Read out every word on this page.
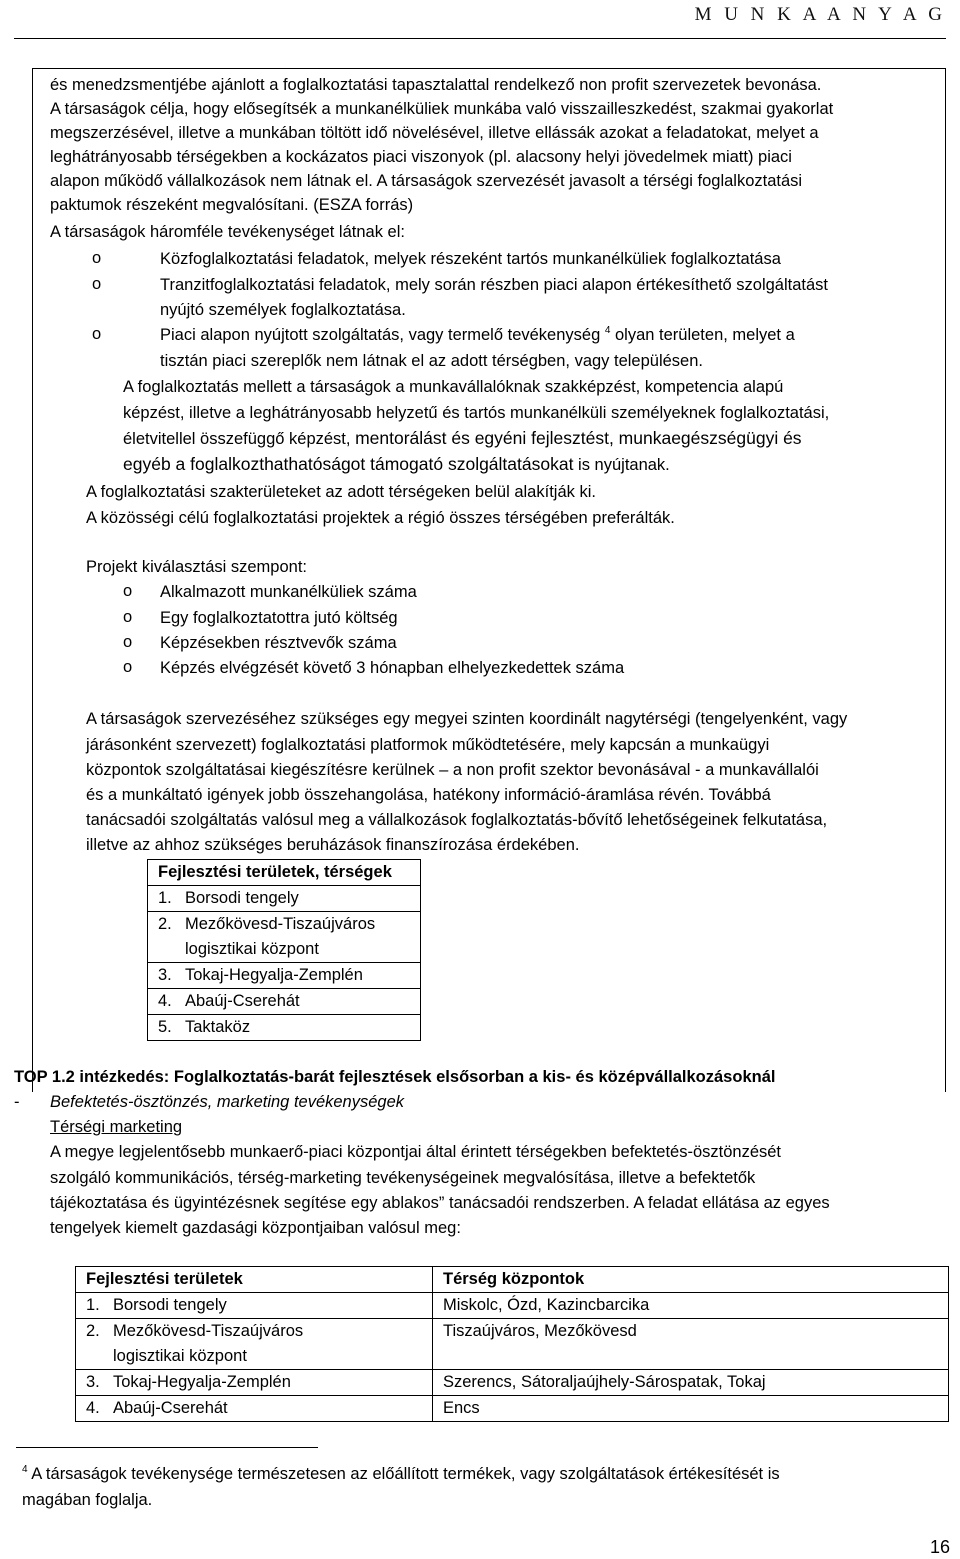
M U N K A A N Y A G
és menedzsmentjébe ajánlott a foglalkoztatási tapasztalattal rendelkező non profit szervezetek bevonása.
A társaságok célja, hogy elősegítsék a munkanélküliek munkába való visszailleszkedést, szakmai gyakorlat
megszerzésével, illetve a munkában töltött idő növelésével, illetve ellássák azokat a feladatokat, melyet a
leghátrányosabb térségekben a kockázatos piaci viszonyok (pl. alacsony helyi jövedelmek miatt) piaci
alapon működő vállalkozások nem látnak el. A társaságok szervezését javasolt a térségi foglalkoztatási
paktumok részeként megvalósítani. (ESZA forrás)
A társaságok háromféle tevékenységet látnak el:
o	Közfoglalkoztatási feladatok, melyek részeként tartós munkanélküliek foglalkoztatása
o	Tranzitfoglalkoztatási feladatok, mely során részben piaci alapon értékesíthető szolgáltatást
nyújtó személyek foglalkoztatása.
o	Piaci alapon nyújtott szolgáltatás, vagy termelő tevékenység $^4$ olyan területen, melyet a
tisztán piaci szereplők nem látnak el az adott térségben, vagy településen.
A foglalkoztatás mellett a társaságok a munkavállalóknak szakképzést, kompetencia alapú
képzést, illetve a leghátrányosabb helyzetű és tartós munkanélküli személyeknek foglalkoztatási,
életvitellel összefüggő képzést, mentorálást és egyéni fejlesztést, munkaegészségügyi és
egyéb a foglalkozthathatóságot támogató szolgáltatásokat is nyújtanak.
A foglalkoztatási szakterületeket az adott térségeken belül alakítják ki.
A közösségi célú foglalkoztatási projektek a régió összes térségében preferálták.
Projekt kiválasztási szempont:
o Alkalmazott munkanélküliek száma
o Egy foglalkoztatottra jutó költség
o Képzésekben résztvevők száma
o Képzés elvégzését követő 3 hónapban elhelyezkedettek száma
A társaságok szervezéséhez szükséges egy megyei szinten koordinált nagytérségi (tengelyenként, vagy
járásonként szervezett) foglalkoztatási platformok működtetésére, mely kapcsán a munkaügyi
központok szolgáltatásai kiegészítésre kerülnek – a non profit szektor bevonásával - a munkavállalói
és a munkáltató igények jobb összehangolása, hatékony információ-áramlása révén. Továbbá
tanácsadói szolgáltatás valósul meg a vállalkozások foglalkoztatás-bővítő lehetőségeinek felkutatása,
illetve az ahhoz szükséges beruházások finanszírozása érdekében.
Fejlesztési területek, térségek
1. Borsodi tengely
2. Mezőkövesd-Tiszaújváros
logisztikai központ
3. Tokaj-Hegyalja-Zemplén
4. Abaúj-Cserehát
5. Taktaköz
TOP 1.2 intézkedés: Foglalkoztatás-barát fejlesztések elsősorban a kis- és középvállalkozásoknál
- Befektetés-ösztönzés, marketing tevékenységek
Térségi marketing
A megye legjelentősebb munkaerő-piaci központjai által érintett térségekben befektetés-ösztönzését
szolgáló kommunikációs, térség-marketing tevékenységeinek megvalósítása, illetve a befektetők
tájékoztatása és ügyintézésnek segítése egy ablakos” tanácsadói rendszerben. A feladat ellátása az egyes
tengelyek kiemelt gazdasági központjaiban valósul meg:
Fejlesztési területek	Térség központok
1. Borsodi tengely	Miskolc, Ózd, Kazincbarcika
2. Mezőkövesd-Tiszaújváros
logisztikai központ	Tiszaújváros, Mezőkövesd
3. Tokaj-Hegyalja-Zemplén	Szerencs, Sátoraljaújhely-Sárospatak, Tokaj
4. Abaúj-Cserehát	Encs
$^4$ A társaságok tevékenysége természetesen az előállított termékek, vagy szolgáltatások értékesítését is
magában foglalja.
16
